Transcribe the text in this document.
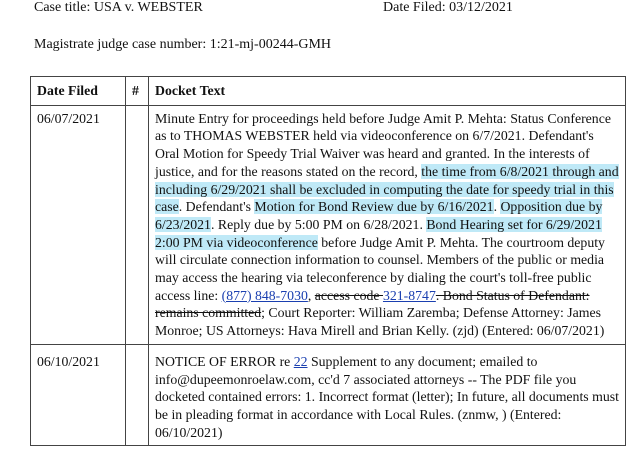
Case title: USA v. WEBSTER	Date Filed: 03/12/2021
Magistrate judge case number: 1:21-mj-00244-GMH
Date Filed	#	Docket Text
06/07/2021		Minute Entry for proceedings held before Judge Amit P. Mehta: Status Conference as to THOMAS WEBSTER held via videoconference on 6/7/2021. Defendant's Oral Motion for Speedy Trial Waiver was heard and granted. In the interests of justice, and for the reasons stated on the record, the time from 6/8/2021 through and including 6/29/2021 shall be excluded in computing the date for speedy trial in this case. Defendant's Motion for Bond Review due by 6/16/2021. Opposition due by 6/23/2021. Reply due by 5:00 PM on 6/28/2021. Bond Hearing set for 6/29/2021 2:00 PM via videoconference before Judge Amit P. Mehta. The courtroom deputy will circulate connection information to counsel. Members of the public or media may access the hearing via teleconference by dialing the court's toll-free public access line: (877) 848-7030, access code 321-8747. Bond Status of Defendant: remains committed; Court Reporter: William Zaremba; Defense Attorney: James Monroe; US Attorneys: Hava Mirell and Brian Kelly. (zjd) (Entered: 06/07/2021)

06/10/2021		NOTICE OF ERROR re 22 Supplement to any document; emailed to info@dupeemonroelaw.com, cc'd 7 associated attorneys -- The PDF file you docketed contained errors: 1. Incorrect format (letter); In future, all documents must be in pleading format in accordance with Local Rules. (znmw, ) (Entered: 06/10/2021)
